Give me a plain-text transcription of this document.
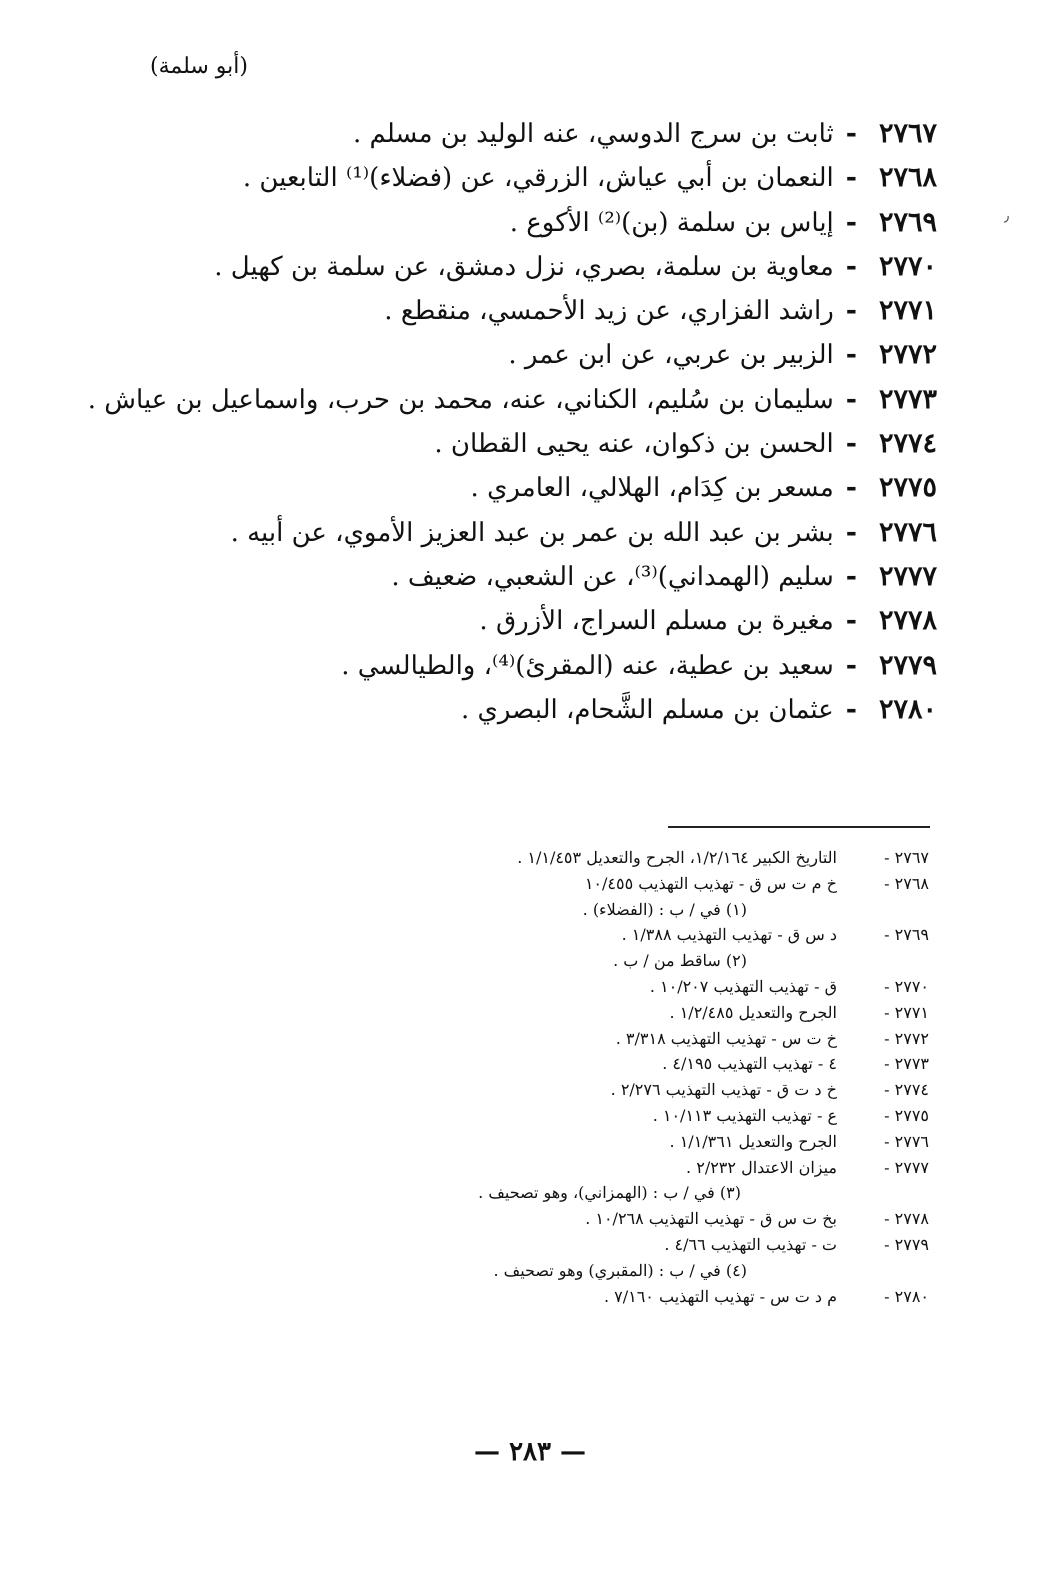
(أبو سلمة)
٢٧٦٧
-
ثابت بن سرج الدوسي، عنه الوليد بن مسلم .
٢٧٦٨
-
النعمان بن أبي عياش، الزرقي، عن (فضلاء)⁽¹⁾ التابعين .
٢٧٦٩
-
إياس بن سلمة (بن)⁽²⁾ الأكوع .
٢٧٧٠
-
معاوية بن سلمة، بصري، نزل دمشق، عن سلمة بن كهيل .
٢٧٧١
-
راشد الفزاري، عن زيد الأحمسي، منقطع .
٢٧٧٢
-
الزبير بن عربي، عن ابن عمر .
٢٧٧٣
-
سليمان بن سُليم، الكناني، عنه، محمد بن حرب، واسماعيل بن عياش .
٢٧٧٤
-
الحسن بن ذكوان، عنه يحيى القطان .
٢٧٧٥
-
مسعر بن كِدَام، الهلالي، العامري .
٢٧٧٦
-
بشر بن عبد الله بن عمر بن عبد العزيز الأموي، عن أبيه .
٢٧٧٧
-
سليم (الهمداني)⁽³⁾، عن الشعبي، ضعيف .
٢٧٧٨
-
مغيرة بن مسلم السراج، الأزرق .
٢٧٧٩
-
سعيد بن عطية، عنه (المقرئ)⁽⁴⁾، والطيالسي .
٢٧٨٠
-
عثمان بن مسلم الشَّحام، البصري .
٢٧٦٧ -
التاريخ الكبير ١/٢/١٦٤، الجرح والتعديل ١/١/٤٥٣ .
٢٧٦٨ -
خ م ت س ق - تهذيب التهذيب ١٠/٤٥٥
(١) في / ب : (الفضلاء) .
٢٧٦٩ -
د س ق - تهذيب التهذيب ١/٣٨٨ .
(٢) ساقط من / ب .
٢٧٧٠ -
ق - تهذيب التهذيب ١٠/٢٠٧ .
٢٧٧١ -
الجرح والتعديل ١/٢/٤٨٥ .
٢٧٧٢ -
خ ت س - تهذيب التهذيب ٣/٣١٨ .
٢٧٧٣ -
٤ - تهذيب التهذيب ٤/١٩٥ .
٢٧٧٤ -
خ د ت ق - تهذيب التهذيب ٢/٢٧٦ .
٢٧٧٥ -
ع - تهذيب التهذيب ١٠/١١٣ .
٢٧٧٦ -
الجرح والتعديل ١/١/٣٦١ .
٢٧٧٧ -
ميزان الاعتدال ٢/٢٣٢ .
(٣) في / ب : (الهمزاني)، وهو تصحيف .
٢٧٧٨ -
بخ ت س ق - تهذيب التهذيب ١٠/٢٦٨ .
٢٧٧٩ -
ت - تهذيب التهذيب ٤/٦٦ .
(٤) في / ب : (المقبري) وهو تصحيف .
٢٧٨٠ -
م د ت س - تهذيب التهذيب ٧/١٦٠ .
— ٢٨٣ —
٫
